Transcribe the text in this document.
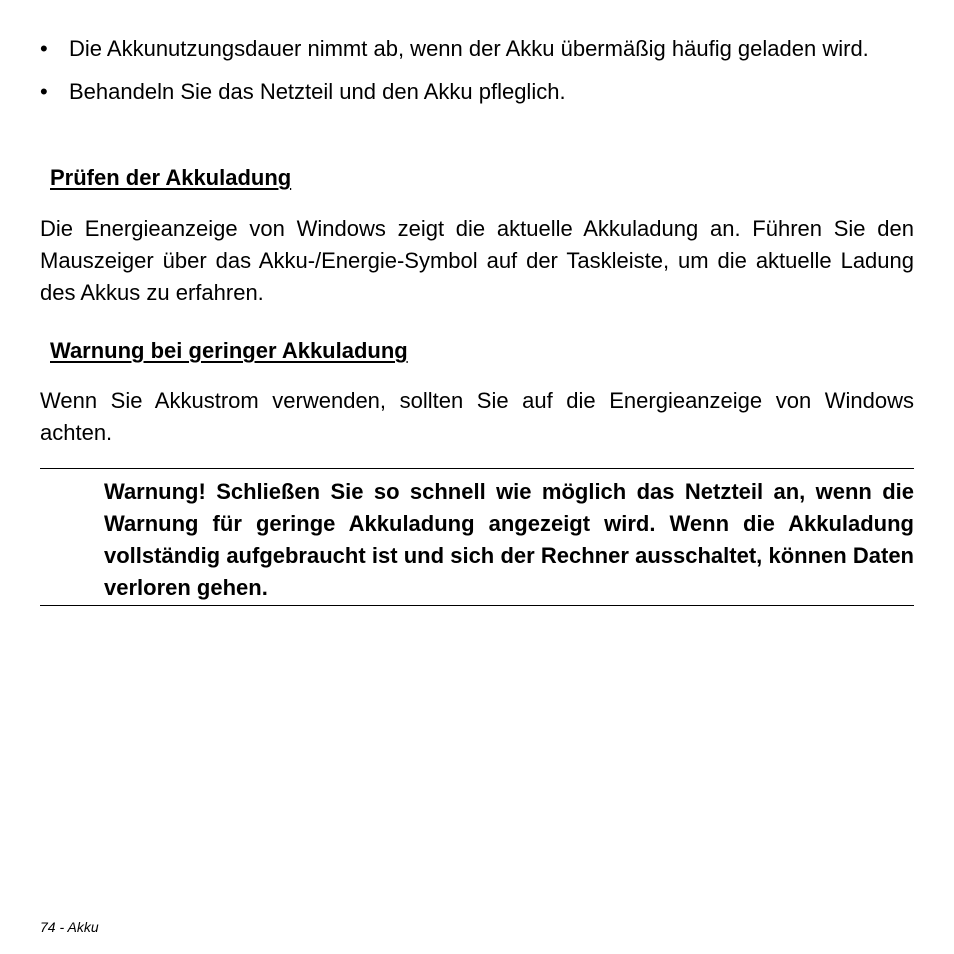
• Die Akkunutzungsdauer nimmt ab, wenn der Akku übermäßig häufig geladen wird.
• Behandeln Sie das Netzteil und den Akku pfleglich.
Prüfen der Akkuladung

Die Energieanzeige von Windows zeigt die aktuelle Akkuladung an. Führen Sie den Mauszeiger über das Akku-/Energie-Symbol auf der Taskleiste, um die aktuelle Ladung des Akkus zu erfahren.

Warnung bei geringer Akkuladung

Wenn Sie Akkustrom verwenden, sollten Sie auf die Energieanzeige von Windows achten.

Warnung! Schließen Sie so schnell wie möglich das Netzteil an, wenn die Warnung für geringe Akkuladung angezeigt wird. Wenn die Akkuladung vollständig aufgebraucht ist und sich der Rechner ausschaltet, können Daten verloren gehen.

74 - Akku
